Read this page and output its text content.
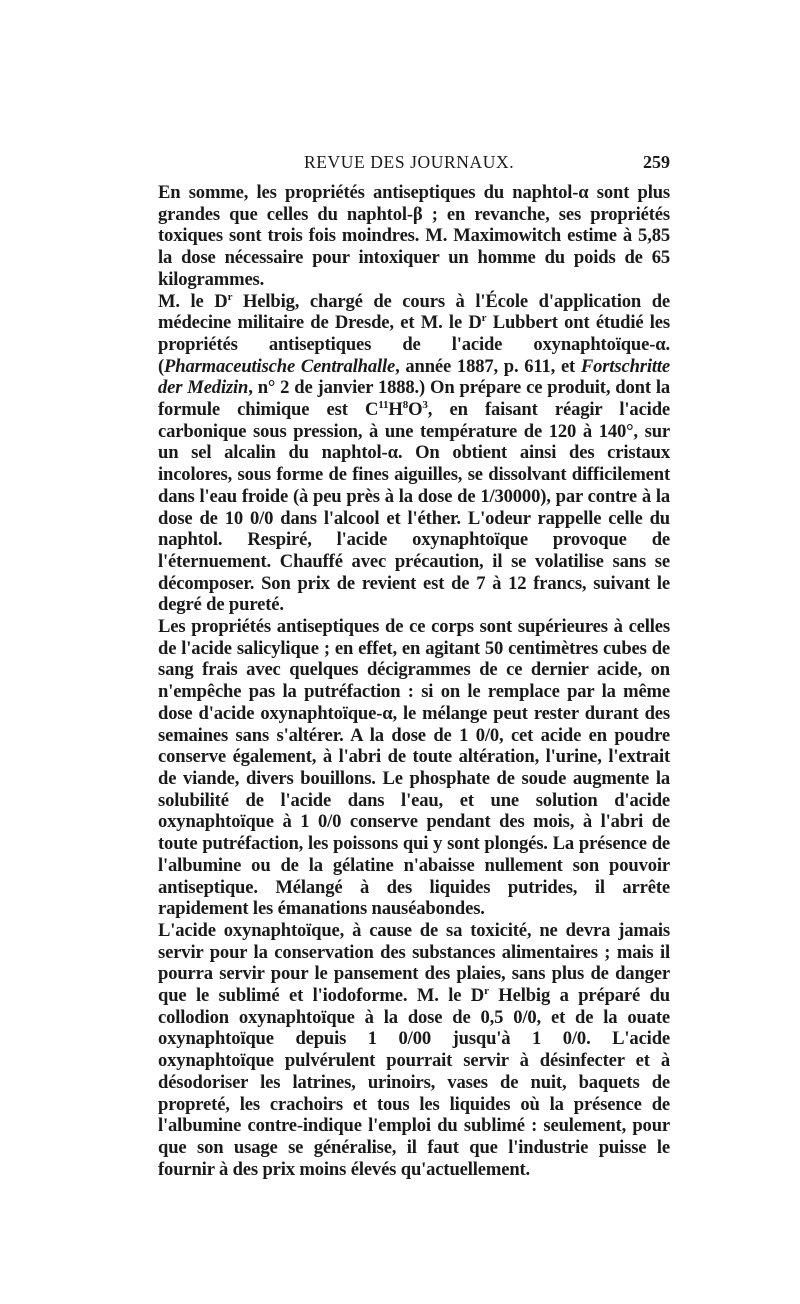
REVUE DES JOURNAUX.	259

En somme, les propriétés antiseptiques du naphtol-α sont plus grandes que celles du naphtol-β ; en revanche, ses propriétés toxiques sont trois fois moindres. M. Maximowitch estime à 5,85 la dose nécessaire pour intoxiquer un homme du poids de 65 kilogrammes.

M. le $D^r$ Helbig, chargé de cours à l'École d'application de médecine militaire de Dresde, et M. le $D^r$ Lubbert ont étudié les propriétés antiseptiques de l'acide oxynaphtoïque-α. (Pharmaceutische Centralhalle, année 1887, p. 611, et Fortschritte der Medizin, n° 2 de janvier 1888.) On prépare ce produit, dont la formule chimique est $C^{11}H^8O^3$, en faisant réagir l'acide carbonique sous pression, à une température de 120 à 140°, sur un sel alcalin du naphtol-α. On obtient ainsi des cristaux incolores, sous forme de fines aiguilles, se dissolvant difficilement dans l'eau froide (à peu près à la dose de 1/30000), par contre à la dose de 10 0/0 dans l'alcool et l'éther. L'odeur rappelle celle du naphtol. Respiré, l'acide oxynaphtoïque provoque de l'éternuement. Chauffé avec précaution, il se volatilise sans se décomposer. Son prix de revient est de 7 à 12 francs, suivant le degré de pureté.

Les propriétés antiseptiques de ce corps sont supérieures à celles de l'acide salicylique ; en effet, en agitant 50 centimètres cubes de sang frais avec quelques décigrammes de ce dernier acide, on n'empêche pas la putréfaction : si on le remplace par la même dose d'acide oxynaphtoïque-α, le mélange peut rester durant des semaines sans s'altérer. A la dose de 1 0/0, cet acide en poudre conserve également, à l'abri de toute altération, l'urine, l'extrait de viande, divers bouillons. Le phosphate de soude augmente la solubilité de l'acide dans l'eau, et une solution d'acide oxynaphtoïque à 1 0/0 conserve pendant des mois, à l'abri de toute putréfaction, les poissons qui y sont plongés. La présence de l'albumine ou de la gélatine n'abaisse nullement son pouvoir antiseptique. Mélangé à des liquides putrides, il arrête rapidement les émanations nauséabondes.

L'acide oxynaphtoïque, à cause de sa toxicité, ne devra jamais servir pour la conservation des substances alimentaires ; mais il pourra servir pour le pansement des plaies, sans plus de danger que le sublimé et l'iodoforme. M. le $D^r$ Helbig a préparé du collodion oxynaphtoïque à la dose de 0,5 0/0, et de la ouate oxynaphtoïque depuis 1 0/00 jusqu'à 1 0/0. L'acide oxynaphtoïque pulvérulent pourrait servir à désinfecter et à désodoriser les latrines, urinoirs, vases de nuit, baquets de propreté, les crachoirs et tous les liquides où la présence de l'albumine contre-indique l'emploi du sublimé : seulement, pour que son usage se généralise, il faut que l'industrie puisse le fournir à des prix moins élevés qu'actuellement.
